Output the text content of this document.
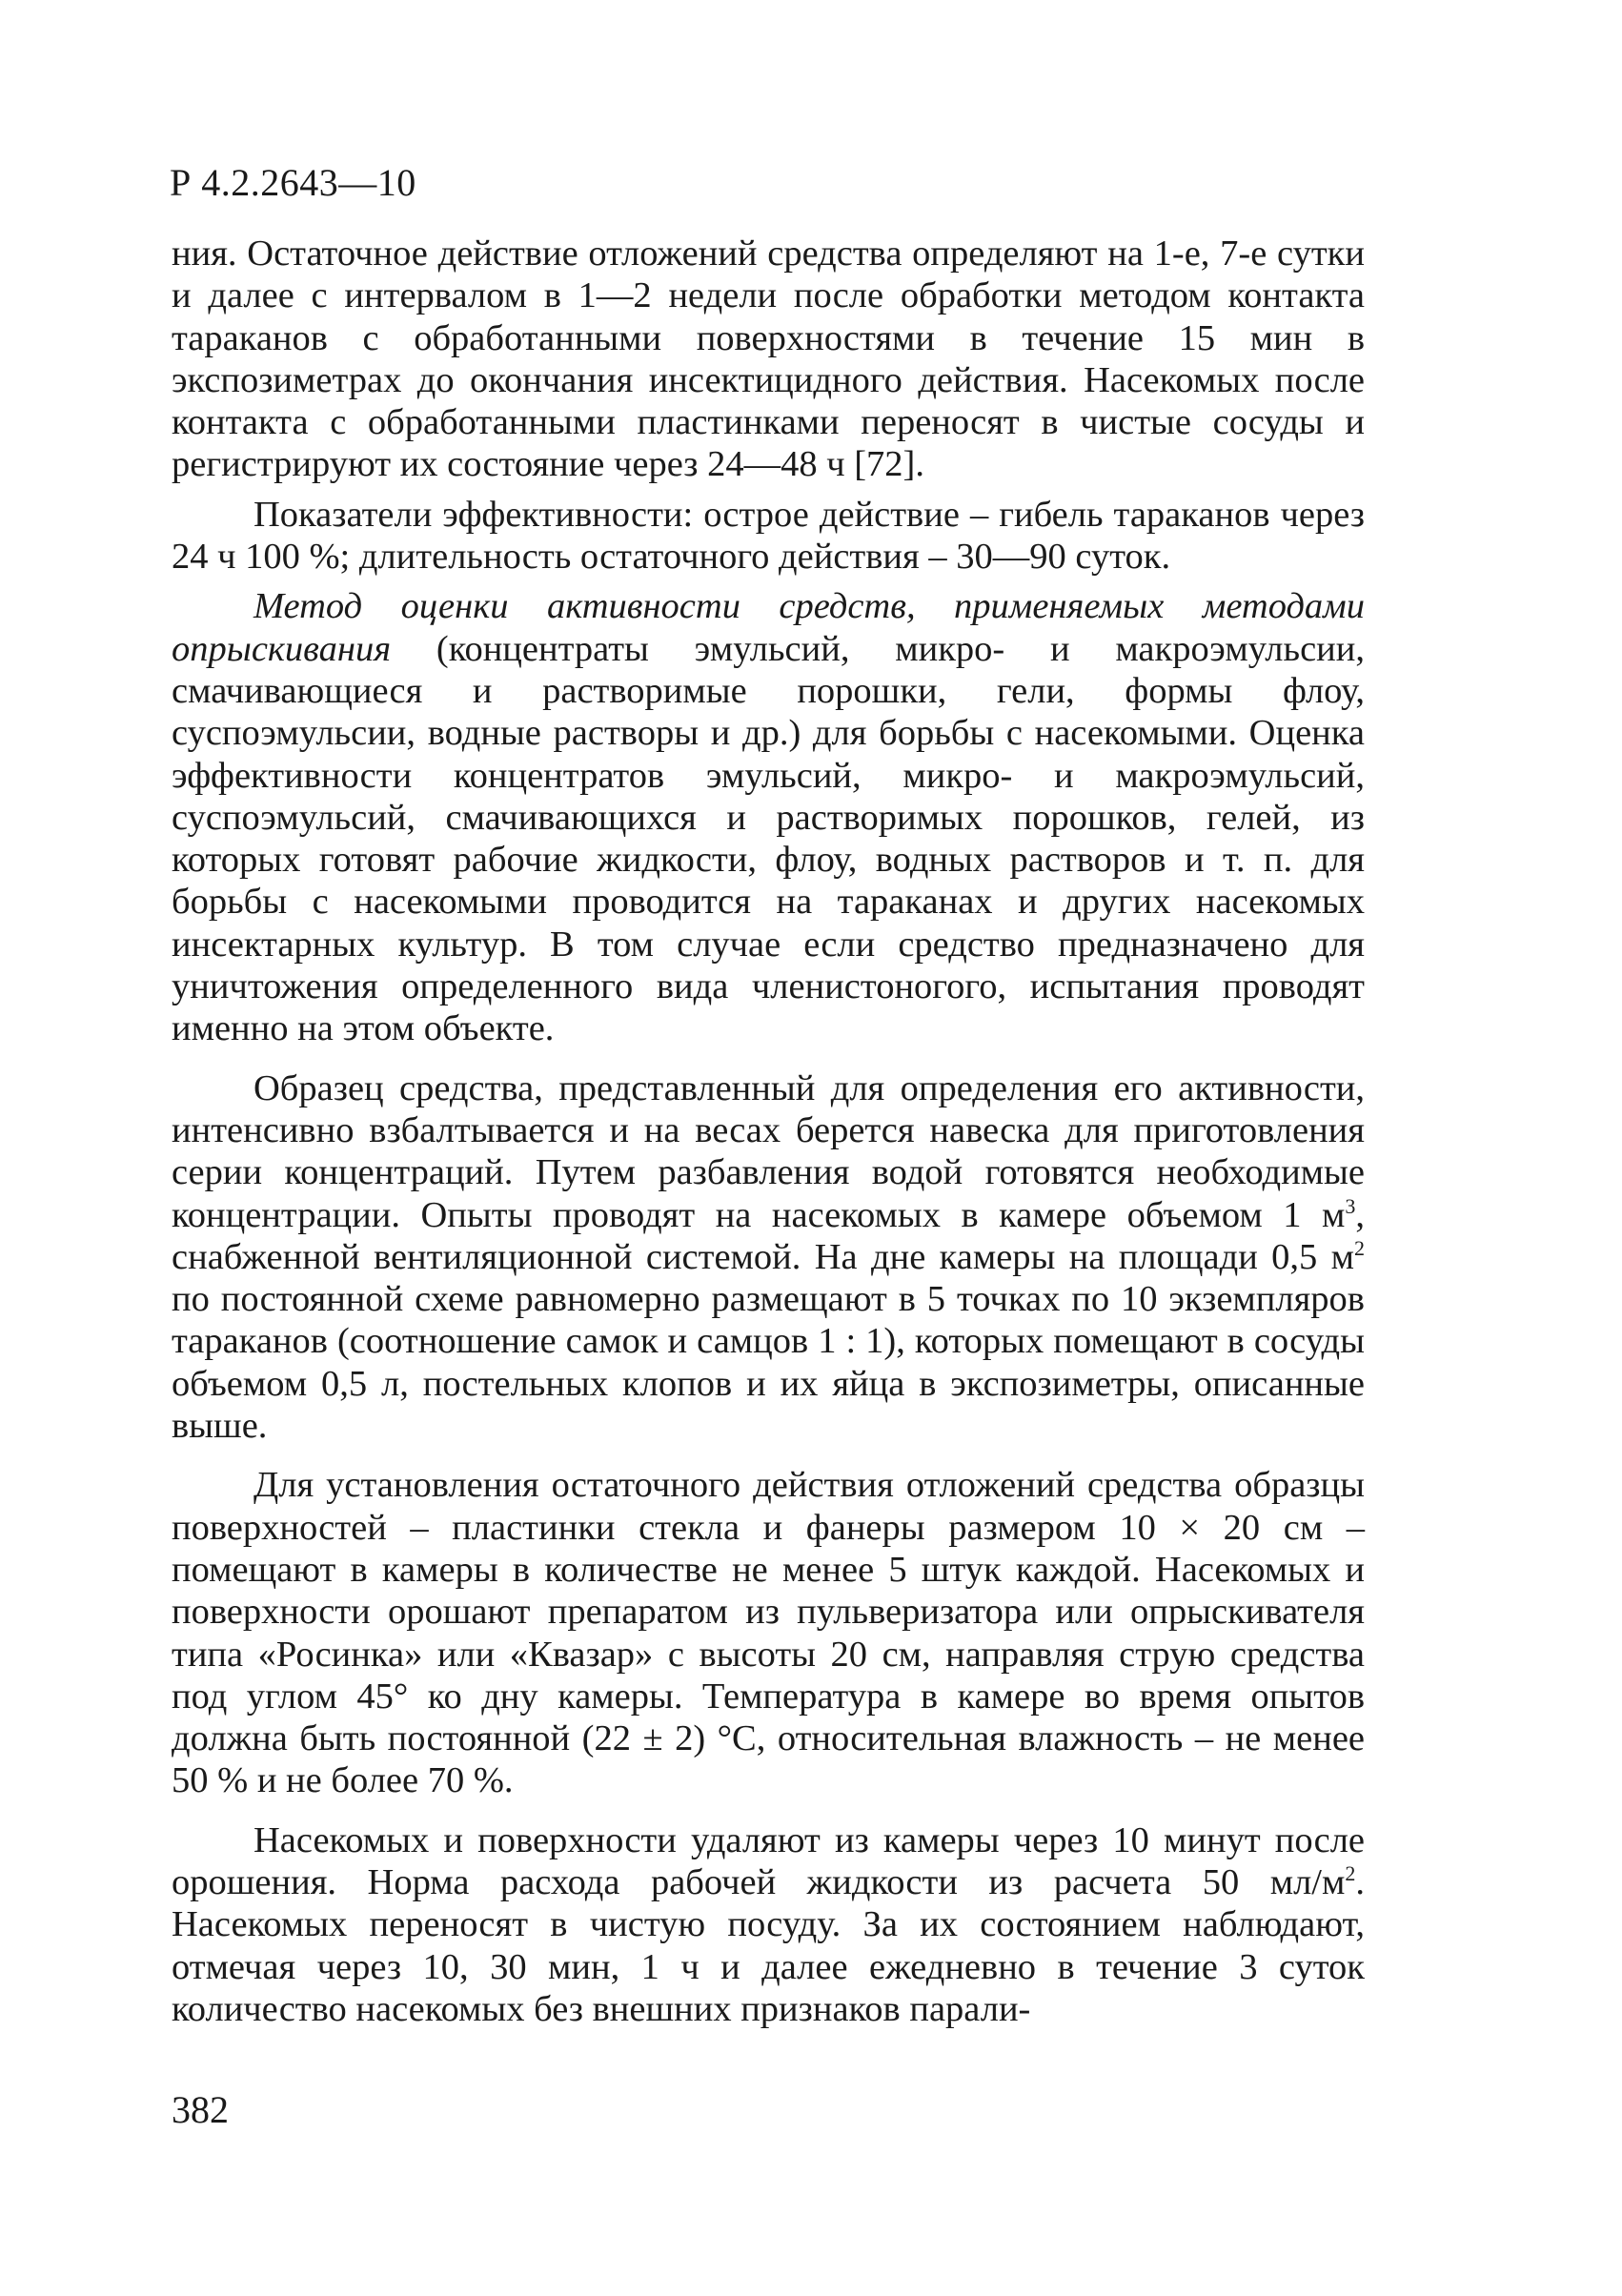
Р 4.2.2643—10

ния. Остаточное действие отложений средства определяют на 1-е, 7-е сутки и далее с интервалом в 1—2 недели после обработки методом контакта тараканов с обработанными поверхностями в течение 15 мин в экспозиметрах до окончания инсектицидного действия. Насекомых после контакта с обработанными пластинками переносят в чистые сосуды и регистрируют их состояние через 24—48 ч [72].

Показатели эффективности: острое действие – гибель тараканов через 24 ч 100 %; длительность остаточного действия – 30—90 суток.

Метод оценки активности средств, применяемых методами опрыскивания (концентраты эмульсий, микро- и макроэмульсии, смачивающиеся и растворимые порошки, гели, формы флоу, суспоэмульсии, водные растворы и др.) для борьбы с насекомыми. Оценка эффективности концентратов эмульсий, микро- и макроэмульсий, суспоэмульсий, смачивающихся и растворимых порошков, гелей, из которых готовят рабочие жидкости, флоу, водных растворов и т. п. для борьбы с насекомыми проводится на тараканах и других насекомых инсектарных культур. В том случае если средство предназначено для уничтожения определенного вида членистоногого, испытания проводят именно на этом объекте.

Образец средства, представленный для определения его активности, интенсивно взбалтывается и на весах берется навеска для приготовления серии концентраций. Путем разбавления водой готовятся необходимые концентрации. Опыты проводят на насекомых в камере объемом 1 $м^3$, снабженной вентиляционной системой. На дне камеры на площади 0,5 $м^2$ по постоянной схеме равномерно размещают в 5 точках по 10 экземпляров тараканов (соотношение самок и самцов 1 : 1), которых помещают в сосуды объемом 0,5 л, постельных клопов и их яйца в экспозиметры, описанные выше.

Для установления остаточного действия отложений средства образцы поверхностей – пластинки стекла и фанеры размером 10 × 20 см – помещают в камеры в количестве не менее 5 штук каждой. Насекомых и поверхности орошают препаратом из пульверизатора или опрыскивателя типа «Росинка» или «Квазар» с высоты 20 см, направляя струю средства под углом 45° ко дну камеры. Температура в камере во время опытов должна быть постоянной (22 ± 2) °С, относительная влажность – не менее 50 % и не более 70 %.

Насекомых и поверхности удаляют из камеры через 10 минут после орошения. Норма расхода рабочей жидкости из расчета 50 $мл/м^2$. Насекомых переносят в чистую посуду. За их состоянием наблюдают, отмечая через 10, 30 мин, 1 ч и далее ежедневно в течение 3 суток количество насекомых без внешних признаков парали-

382
